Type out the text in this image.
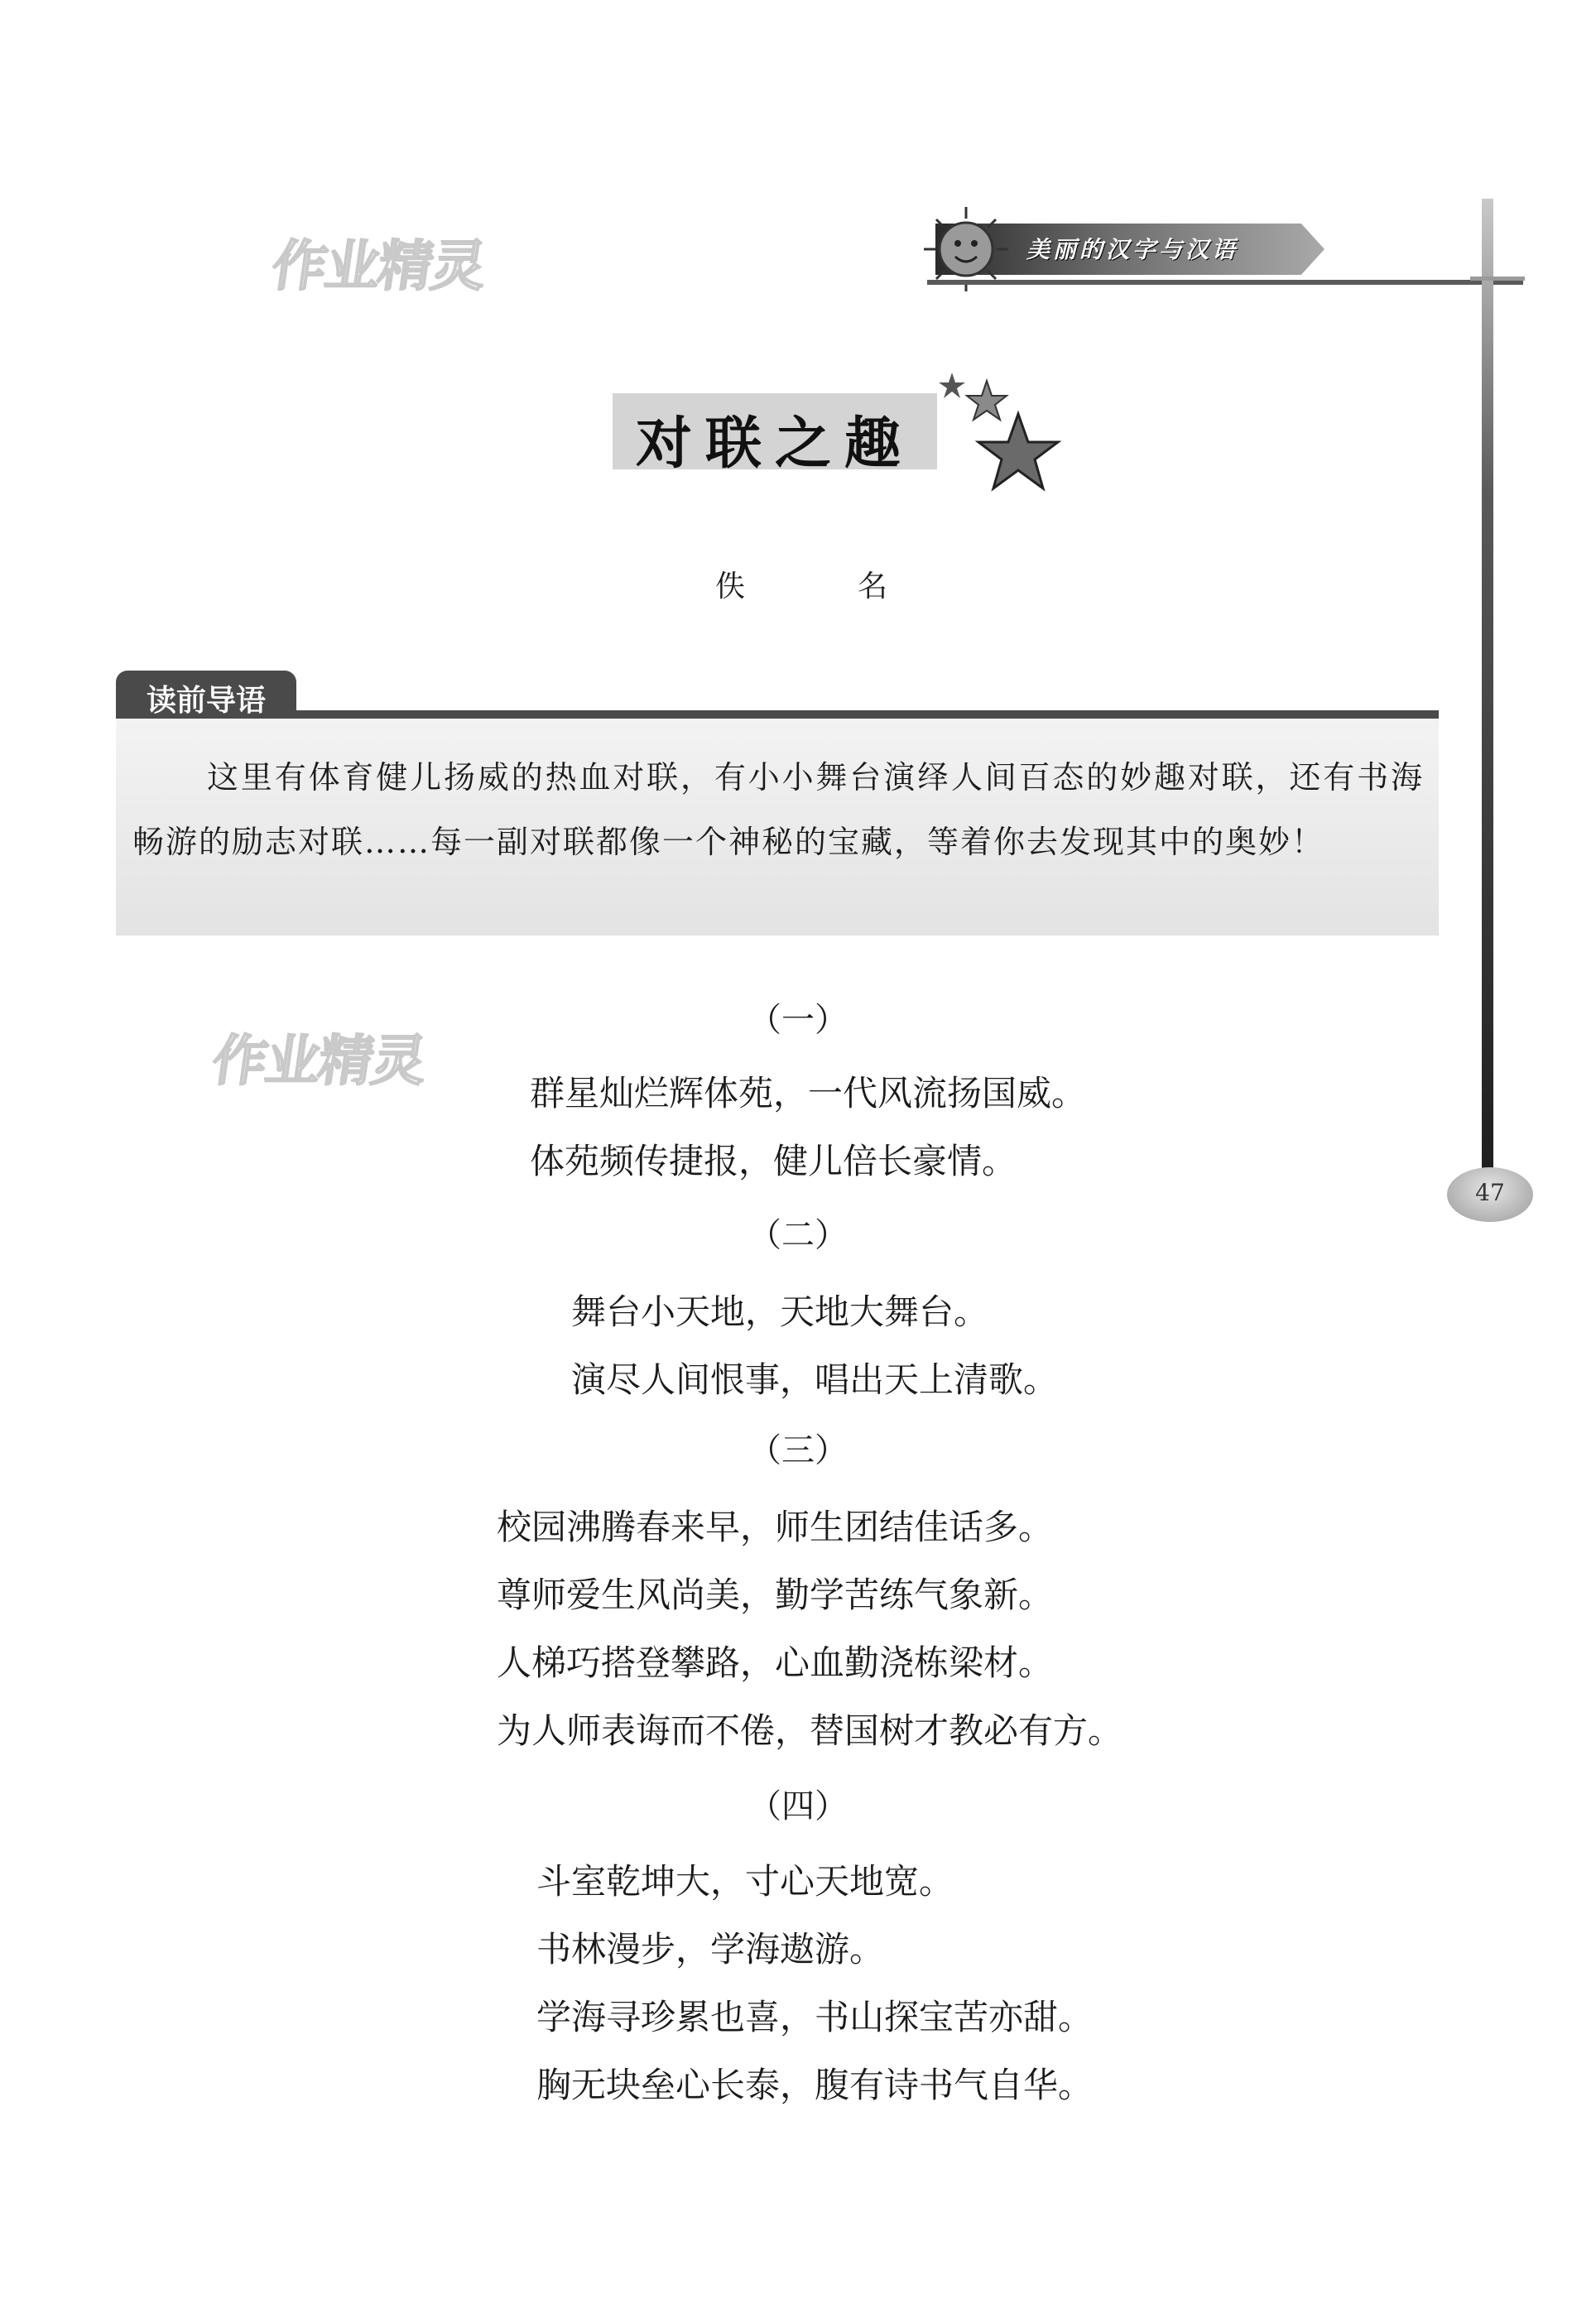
作业精灵
作业精灵
美丽的汉字与汉语
47
对联之趣
佚　名
读前导语
这里有体育健儿扬威的热血对联，有小小舞台演绎人间百态的妙趣对联，还有书海畅游的励志对联……每一副对联都像一个神秘的宝藏，等着你去发现其中的奥妙！
（一）
群星灿烂辉体苑，一代风流扬国威。
体苑频传捷报，健儿倍长豪情。
（二）
舞台小天地，天地大舞台。
演尽人间恨事，唱出天上清歌。
（三）
校园沸腾春来早，师生团结佳话多。
尊师爱生风尚美，勤学苦练气象新。
人梯巧搭登攀路，心血勤浇栋梁材。
为人师表诲而不倦，替国树才教必有方。
（四）
斗室乾坤大，寸心天地宽。
书林漫步，学海遨游。
学海寻珍累也喜，书山探宝苦亦甜。
胸无块垒心长泰，腹有诗书气自华。
